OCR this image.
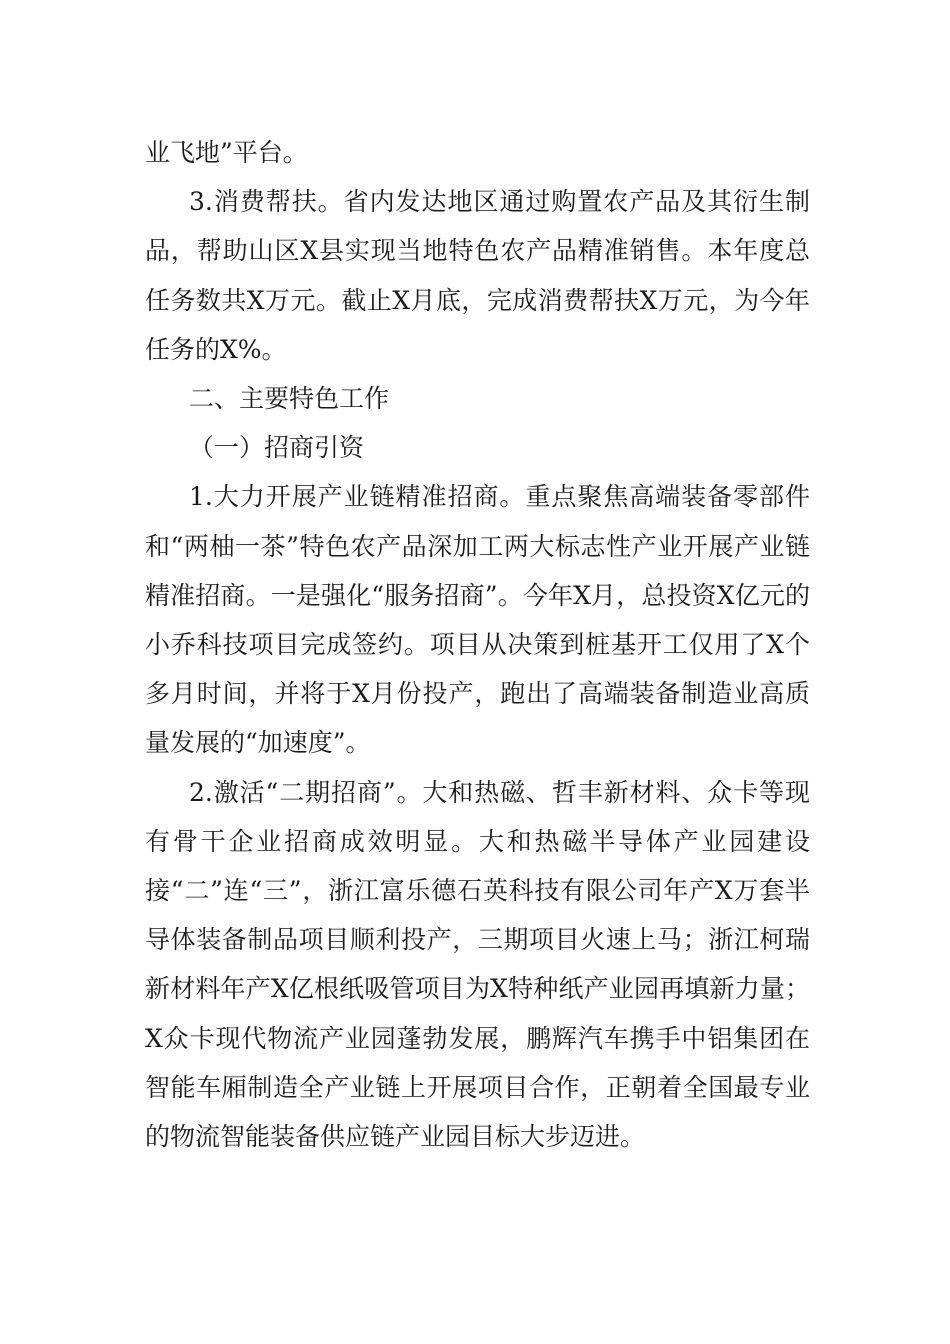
业飞地”平台。

3.消费帮扶。省内发达地区通过购置农产品及其衍生制品，帮助山区X县实现当地特色农产品精准销售。本年度总任务数共X万元。截止X月底，完成消费帮扶X万元，为今年任务的X%。

二、主要特色工作

（一）招商引资

1.大力开展产业链精准招商。重点聚焦高端装备零部件和“两柚一茶”特色农产品深加工两大标志性产业开展产业链精准招商。一是强化“服务招商”。今年X月，总投资X亿元的小乔科技项目完成签约。项目从决策到桩基开工仅用了X个多月时间，并将于X月份投产，跑出了高端装备制造业高质量发展的“加速度”。

2.激活“二期招商”。大和热磁、哲丰新材料、众卡等现有骨干企业招商成效明显。大和热磁半导体产业园建设接“二”连“三”，浙江富乐德石英科技有限公司年产X万套半导体装备制品项目顺利投产，三期项目火速上马；浙江柯瑞新材料年产X亿根纸吸管项目为X特种纸产业园再填新力量；X众卡现代物流产业园蓬勃发展，鹏辉汽车携手中铝集团在智能车厢制造全产业链上开展项目合作，正朝着全国最专业的物流智能装备供应链产业园目标大步迈进。
